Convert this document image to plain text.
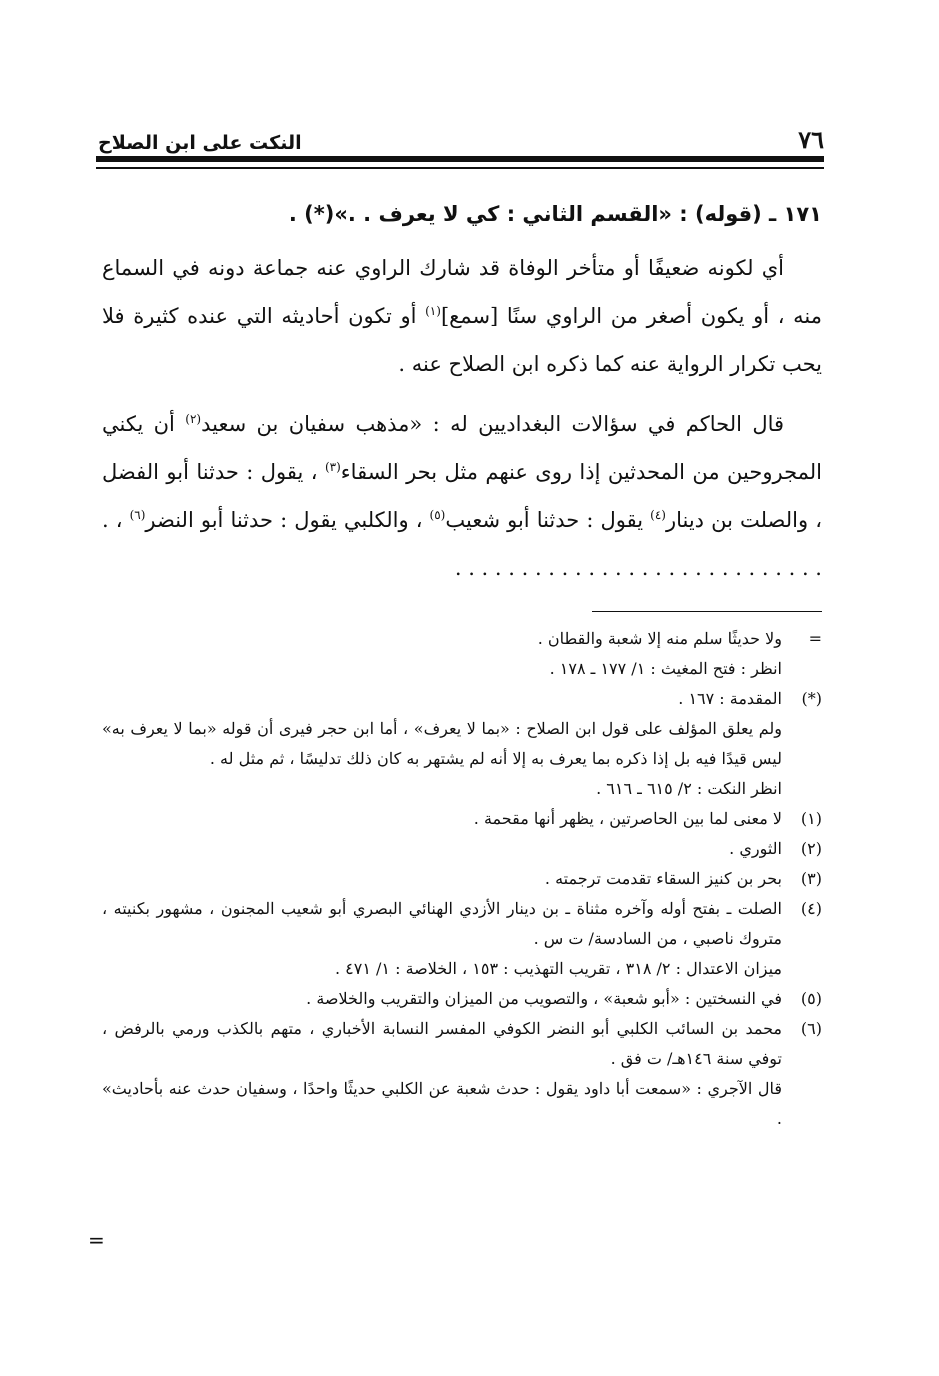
٧٦
النكت على ابن الصلاح

١٧١ ـ (قوله) : «القسم الثاني : كي لا يعرف . .»(*) .

أي لكونه ضعيفًا أو متأخر الوفاة قد شارك الراوي عنه جماعة دونه في السماع منه ، أو يكون أصغر من الراوي سنًا [سمع]$^{(١)}$ أو تكون أحاديثه التي عنده كثيرة فلا يحب تكرار الرواية عنه كما ذكره ابن الصلاح عنه .

قال الحاكم في سؤالات البغداديين له : «مذهب سفيان بن سعيد$^{(٢)}$ أن يكني المجروحين من المحدثين إذا روى عنهم مثل بحر السقاء$^{(٣)}$ ، يقول : حدثنا أبو الفضل ، والصلت بن دينار$^{(٤)}$ يقول : حدثنا أبو شعيب$^{(٥)}$ ، والكلبي يقول : حدثنا أبو النضر$^{(٦)}$ ، . . . . . . . . . . . . . . . . . . . . . . . . . . . . .

=
ولا حديثًا سلم منه إلا شعبة والقطان .
انظر : فتح المغيث : ١/ ١٧٧ ـ ١٧٨ .
(*)
المقدمة : ١٦٧ .
ولم يعلق المؤلف على قول ابن الصلاح : «بما لا يعرف» ، أما ابن حجر فيرى أن قوله «بما لا يعرف به» ليس قيدًا فيه بل إذا ذكره بما يعرف به إلا أنه لم يشتهر به كان ذلك تدليسًا ، ثم مثل له .
انظر النكت : ٢/ ٦١٥ ـ ٦١٦ .
(١)
لا معنى لما بين الحاصرتين ، يظهر أنها مقحمة .
(٢)
الثوري .
(٣)
بحر بن كنيز السقاء تقدمت ترجمته .
(٤)
الصلت ـ بفتح أوله وآخره مثناة ـ بن دينار الأزدي الهنائي البصري أبو شعيب المجنون ، مشهور بكنيته ، متروك ناصبي ، من السادسة/ ت س .
ميزان الاعتدال : ٢/ ٣١٨ ، تقريب التهذيب : ١٥٣ ، الخلاصة : ١/ ٤٧١ .
(٥)
في النسختين : «أبو شعبة» ، والتصويب من الميزان والتقريب والخلاصة .
(٦)
محمد بن السائب الكلبي أبو النضر الكوفي المفسر النسابة الأخباري ، متهم بالكذب ورمي بالرفض ، توفي سنة ١٤٦هـ/ ت فق .
قال الآجري : «سمعت أبا داود يقول : حدث شعبة عن الكلبي حديثًا واحدًا ، وسفيان حدث عنه بأحاديث» .
=
